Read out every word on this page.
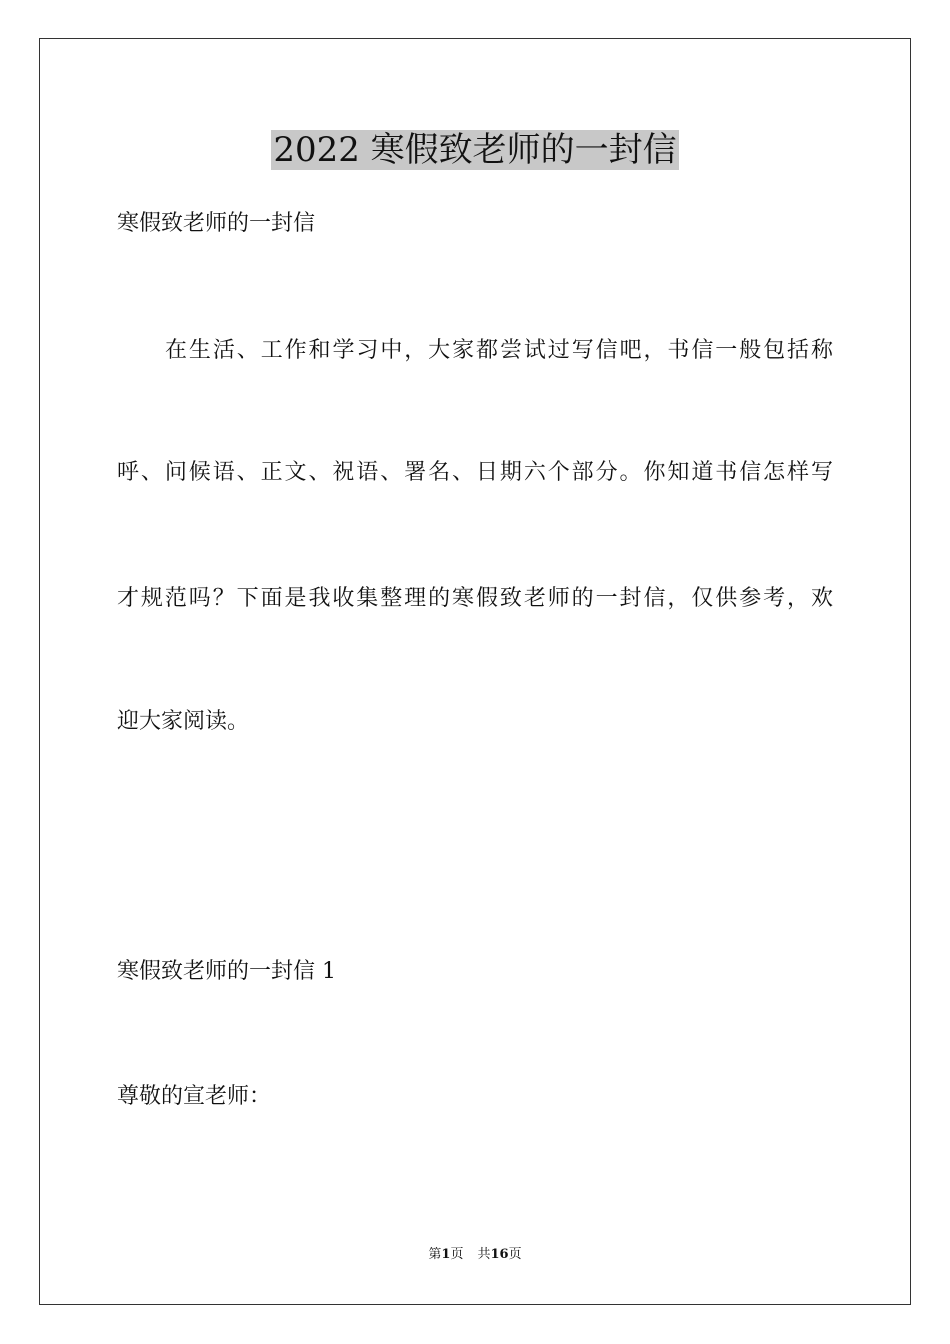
2022 寒假致老师的一封信

寒假致老师的一封信

在生活、工作和学习中，大家都尝试过写信吧，书信一般包括称

呼、问候语、正文、祝语、署名、日期六个部分。你知道书信怎样写

才规范吗？下面是我收集整理的寒假致老师的一封信，仅供参考，欢

迎大家阅读。

寒假致老师的一封信 1

尊敬的宣老师：

第1页 共16页
